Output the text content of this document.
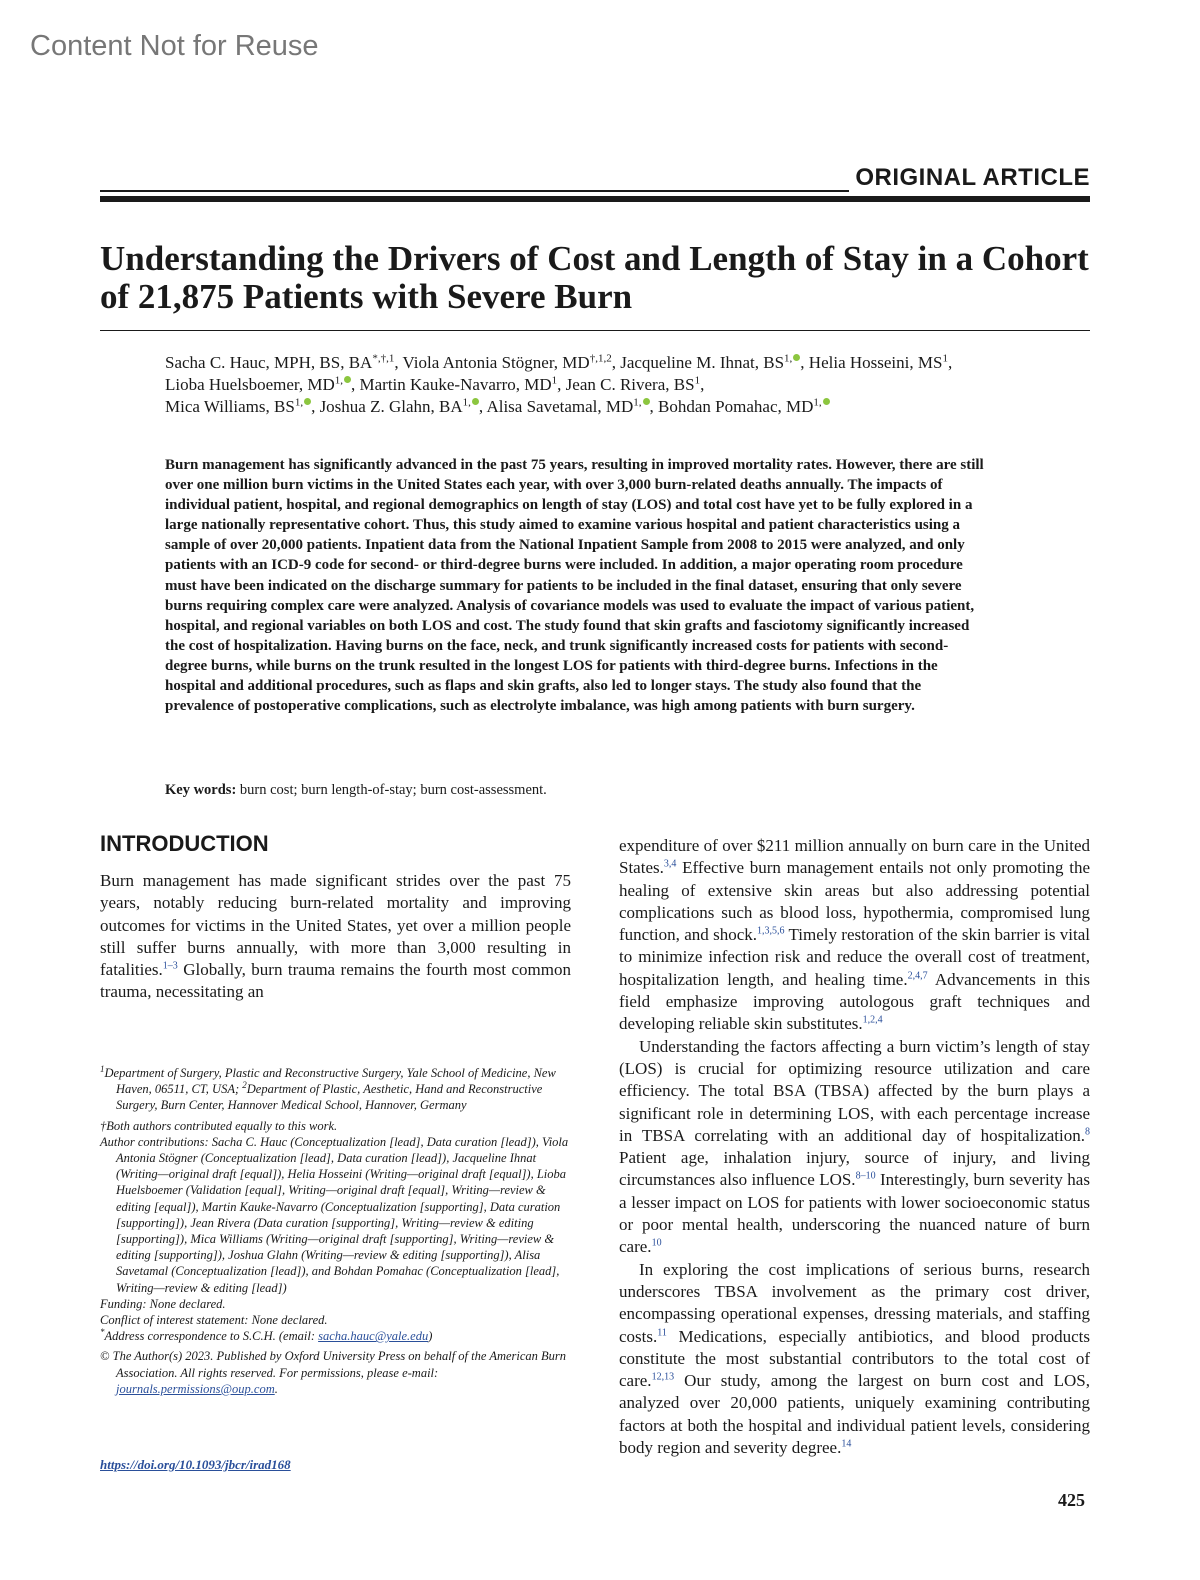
Content Not for Reuse
ORIGINAL ARTICLE
Understanding the Drivers of Cost and Length of Stay in a Cohort of 21,875 Patients with Severe Burn
Sacha C. Hauc, MPH, BS, $BA^{*,\dagger,1}$, Viola Antonia Stögner, $MD^{\dagger,1,2}$, Jacqueline M. Ihnat, $BS^{1,}$ , Helia Hosseini, $MS^1$,
Lioba Huelsboemer, $MD^{1,}$ , Martin Kauke-Navarro, $MD^1$, Jean C. Rivera, $BS^1$,
Mica Williams, $BS^{1,}$ , Joshua Z. Glahn, $BA^{1,}$ , Alisa Savetamal, $MD^{1,}$ , Bohdan Pomahac, $MD^{1,}$

Burn management has significantly advanced in the past 75 years, resulting in improved mortality rates. However, there are still over one million burn victims in the United States each year, with over 3,000 burn-related deaths annually. The impacts of individual patient, hospital, and regional demographics on length of stay (LOS) and total cost have yet to be fully explored in a large nationally representative cohort. Thus, this study aimed to examine various hospital and patient characteristics using a sample of over 20,000 patients. Inpatient data from the National Inpatient Sample from 2008 to 2015 were analyzed, and only patients with an ICD-9 code for second- or third-degree burns were included. In addition, a major operating room procedure must have been indicated on the discharge summary for patients to be included in the final dataset, ensuring that only severe burns requiring complex care were analyzed. Analysis of covariance models was used to evaluate the impact of various patient, hospital, and regional variables on both LOS and cost. The study found that skin grafts and fasciotomy significantly increased the cost of hospitalization. Having burns on the face, neck, and trunk significantly increased costs for patients with second-degree burns, while burns on the trunk resulted in the longest LOS for patients with third-degree burns. Infections in the hospital and additional procedures, such as flaps and skin grafts, also led to longer stays. The study also found that the prevalence of postoperative complications, such as electrolyte imbalance, was high among patients with burn surgery.

Key words: burn cost; burn length-of-stay; burn cost-assessment.
INTRODUCTION

Burn management has made significant strides over the past 75 years, notably reducing burn-related mortality and improving outcomes for victims in the United States, yet over a million people still suffer burns annually, with more than 3,000 resulting in fatalities.$^{1-3}$ Globally, burn trauma remains the fourth most common trauma, necessitating an

expenditure of over $211 million annually on burn care in the United States.$^{3,4}$ Effective burn management entails not only promoting the healing of extensive skin areas but also addressing potential complications such as blood loss, hypothermia, compromised lung function, and shock.$^{1,3,5,6}$ Timely restoration of the skin barrier is vital to minimize infection risk and reduce the overall cost of treatment, hospitalization length, and healing time.$^{2,4,7}$ Advancements in this field emphasize improving autologous graft techniques and developing reliable skin substitutes.$^{1,2,4}$

Understanding the factors affecting a burn victim’s length of stay (LOS) is crucial for optimizing resource utilization and care efficiency. The total BSA (TBSA) affected by the burn plays a significant role in determining LOS, with each percentage increase in TBSA correlating with an additional day of hospitalization.$^8$ Patient age, inhalation injury, source of injury, and living circumstances also influence LOS.$^{8-10}$ Interestingly, burn severity has a lesser impact on LOS for patients with lower socioeconomic status or poor mental health, underscoring the nuanced nature of burn care.$^{10}$

In exploring the cost implications of serious burns, research underscores TBSA involvement as the primary cost driver, encompassing operational expenses, dressing materials, and staffing costs.$^{11}$ Medications, especially antibiotics, and blood products constitute the most substantial contributors to the total cost of care.$^{12,13}$ Our study, among the largest on burn cost and LOS, analyzed over 20,000 patients, uniquely examining contributing factors at both the hospital and individual patient levels, considering body region and severity degree.$^{14}$

$^1$Department of Surgery, Plastic and Reconstructive Surgery, Yale School of Medicine, New Haven, 06511, CT, USA; $^2$Department of Plastic, Aesthetic, Hand and Reconstructive Surgery, Burn Center, Hannover Medical School, Hannover, Germany

†Both authors contributed equally to this work.

Author contributions: Sacha C. Hauc (Conceptualization [lead], Data curation [lead]), Viola Antonia Stögner (Conceptualization [lead], Data curation [lead]), Jacqueline Ihnat (Writing—original draft [equal]), Helia Hosseini (Writing—original draft [equal]), Lioba Huelsboemer (Validation [equal], Writing—original draft [equal], Writing—review & editing [equal]), Martin Kauke-Navarro (Conceptualization [supporting], Data curation [supporting]), Jean Rivera (Data curation [supporting], Writing—review & editing [supporting]), Mica Williams (Writing—original draft [supporting], Writing—review & editing [supporting]), Joshua Glahn (Writing—review & editing [supporting]), Alisa Savetamal (Conceptualization [lead]), and Bohdan Pomahac (Conceptualization [lead], Writing—review & editing [lead])

Funding: None declared.

Conflict of interest statement: None declared.

*Address correspondence to S.C.H. (email: sacha.hauc@yale.edu)

© The Author(s) 2023. Published by Oxford University Press on behalf of the American Burn Association. All rights reserved. For permissions, please e-mail: journals.permissions@oup.com.

https://doi.org/10.1093/jbcr/irad168
425
